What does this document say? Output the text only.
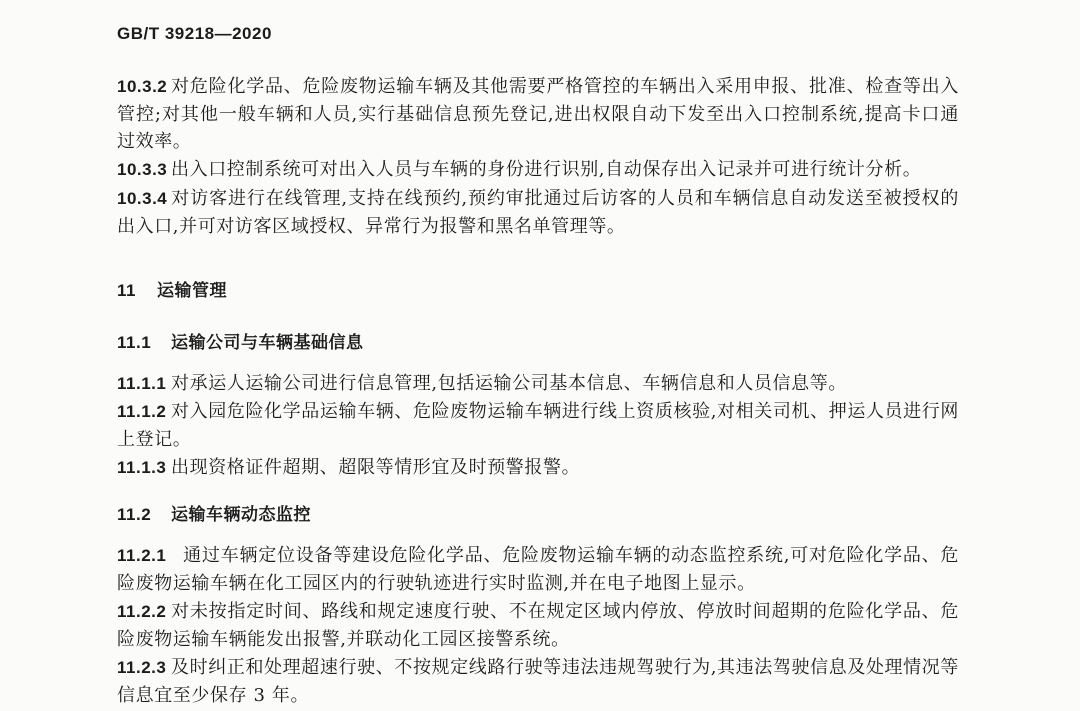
GB/T 39218—2020
10.3.2 对危险化学品、危险废物运输车辆及其他需要严格管控的车辆出入采用申报、批准、检查等出入管控;对其他一般车辆和人员,实行基础信息预先登记,进出权限自动下发至出入口控制系统,提高卡口通过效率。
10.3.3 出入口控制系统可对出入人员与车辆的身份进行识别,自动保存出入记录并可进行统计分析。
10.3.4 对访客进行在线管理,支持在线预约,预约审批通过后访客的人员和车辆信息自动发送至被授权的出入口,并可对访客区域授权、异常行为报警和黑名单管理等。
11 运输管理
11.1 运输公司与车辆基础信息
11.1.1 对承运人运输公司进行信息管理,包括运输公司基本信息、车辆信息和人员信息等。
11.1.2 对入园危险化学品运输车辆、危险废物运输车辆进行线上资质核验,对相关司机、押运人员进行网上登记。
11.1.3 出现资格证件超期、超限等情形宜及时预警报警。
11.2 运输车辆动态监控
11.2.1 通过车辆定位设备等建设危险化学品、危险废物运输车辆的动态监控系统,可对危险化学品、危险废物运输车辆在化工园区内的行驶轨迹进行实时监测,并在电子地图上显示。
11.2.2 对未按指定时间、路线和规定速度行驶、不在规定区域内停放、停放时间超期的危险化学品、危险废物运输车辆能发出报警,并联动化工园区接警系统。
11.2.3 及时纠正和处理超速行驶、不按规定线路行驶等违法违规驾驶行为,其违法驾驶信息及处理情况等信息宜至少保存 3 年。
